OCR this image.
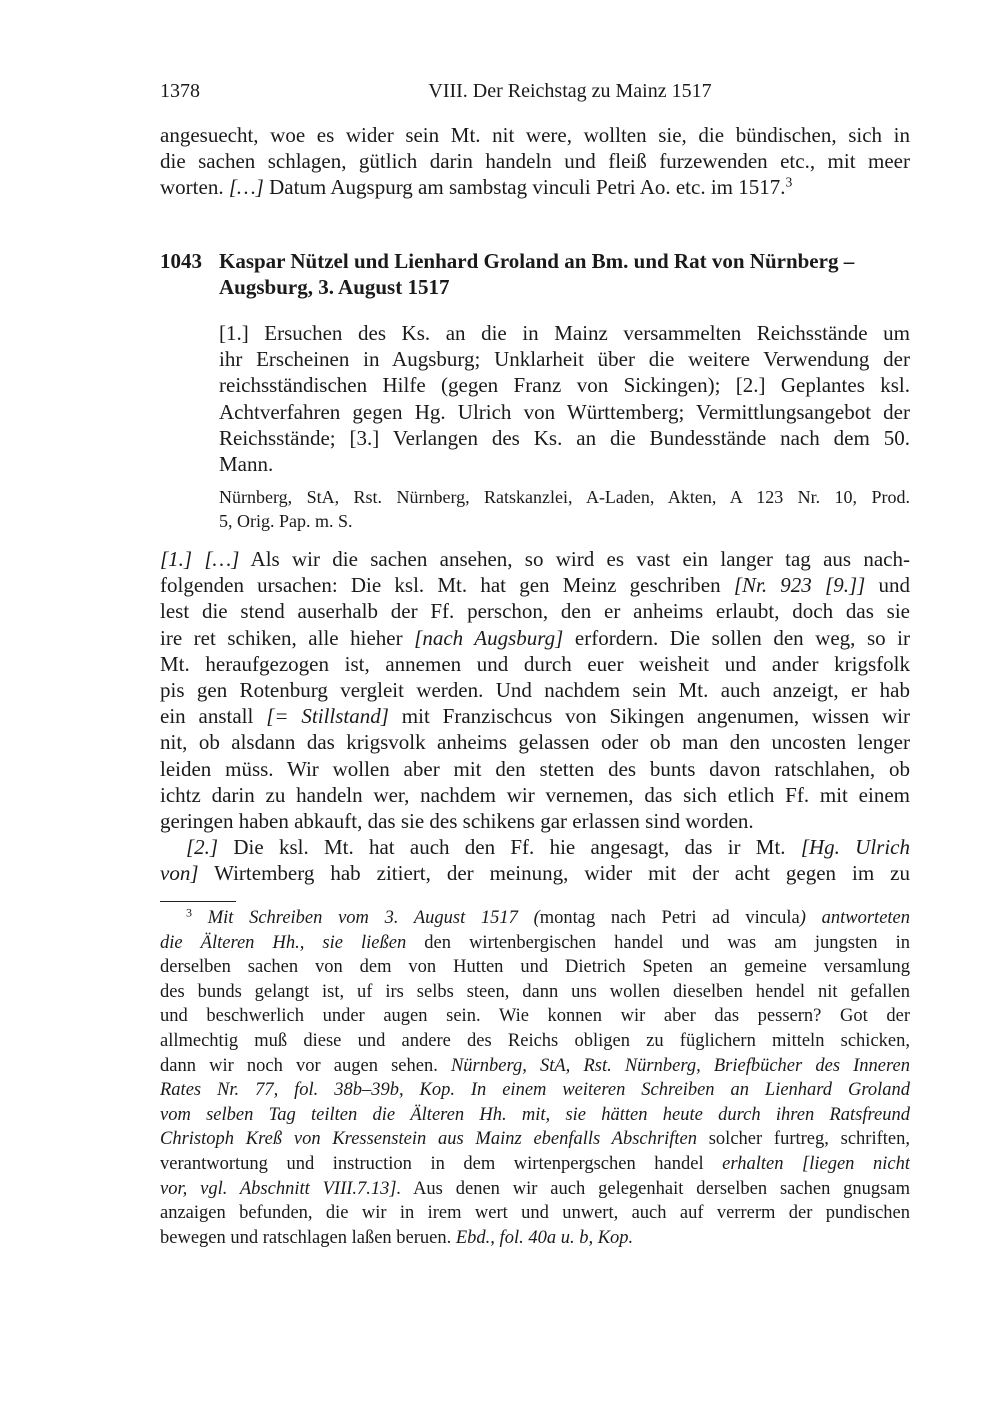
1378	VIII. Der Reichstag zu Mainz 1517
angesuecht, woe es wider sein Mt. nit were, wollten sie, die bündischen, sich in
die sachen schlagen, gütlich darin handeln und fleiß furzewenden etc., mit meer
worten. […] Datum Augspurg am sambstag vinculi Petri Ao. etc. im 1517.$^3$
1043 Kaspar Nützel und Lienhard Groland an Bm. und Rat von Nürnberg –
Augsburg, 3. August 1517
[1.] Ersuchen des Ks. an die in Mainz versammelten Reichsstände um
ihr Erscheinen in Augsburg; Unklarheit über die weitere Verwendung der
reichsständischen Hilfe (gegen Franz von Sickingen); [2.] Geplantes ksl.
Achtverfahren gegen Hg. Ulrich von Württemberg; Vermittlungsangebot der
Reichsstände; [3.] Verlangen des Ks. an die Bundesstände nach dem 50.
Mann.
Nürnberg, StA, Rst. Nürnberg, Ratskanzlei, A-Laden, Akten, A 123 Nr. 10, Prod.
5, Orig. Pap. m. S.
[1.] […] Als wir die sachen ansehen, so wird es vast ein langer tag aus nach-
folgenden ursachen: Die ksl. Mt. hat gen Meinz geschriben [Nr. 923 [9.]] und
lest die stend auserhalb der Ff. perschon, den er anheims erlaubt, doch das sie
ire ret schiken, alle hieher [nach Augsburg] erfordern. Die sollen den weg, so ir
Mt. heraufgezogen ist, annemen und durch euer weisheit und ander krigsfolk
pis gen Rotenburg vergleit werden. Und nachdem sein Mt. auch anzeigt, er hab
ein anstall [= Stillstand] mit Franzischcus von Sikingen angenumen, wissen wir
nit, ob alsdann das krigsvolk anheims gelassen oder ob man den uncosten lenger
leiden müss. Wir wollen aber mit den stetten des bunts davon ratschlahen, ob
ichtz darin zu handeln wer, nachdem wir vernemen, das sich etlich Ff. mit einem
geringen haben abkauft, das sie des schikens gar erlassen sind worden.
[2.] Die ksl. Mt. hat auch den Ff. hie angesagt, das ir Mt. [Hg. Ulrich
von] Wirtemberg hab zitiert, der meinung, wider mit der acht gegen im zu
$^3$ Mit Schreiben vom 3. August 1517 (montag nach Petri ad vincula) antworteten
die Älteren Hh., sie ließen den wirtenbergischen handel und was am jungsten in
derselben sachen von dem von Hutten und Dietrich Speten an gemeine versamlung
des bunds gelangt ist, uf irs selbs steen, dann uns wollen dieselben hendel nit gefallen
und beschwerlich under augen sein. Wie konnen wir aber das pessern? Got der
allmechtig muß diese und andere des Reichs obligen zu füglichern mitteln schicken,
dann wir noch vor augen sehen. Nürnberg, StA, Rst. Nürnberg, Briefbücher des Inneren
Rates Nr. 77, fol. 38b–39b, Kop. In einem weiteren Schreiben an Lienhard Groland
vom selben Tag teilten die Älteren Hh. mit, sie hätten heute durch ihren Ratsfreund
Christoph Kreß von Kressenstein aus Mainz ebenfalls Abschriften solcher furtreg, schriften,
verantwortung und instruction in dem wirtenpergschen handel erhalten [liegen nicht
vor, vgl. Abschnitt VIII.7.13]. Aus denen wir auch gelegenhait derselben sachen gnugsam
anzaigen befunden, die wir in irem wert und unwert, auch auf verrerm der pundischen
bewegen und ratschlagen laßen beruen. Ebd., fol. 40a u. b, Kop.
